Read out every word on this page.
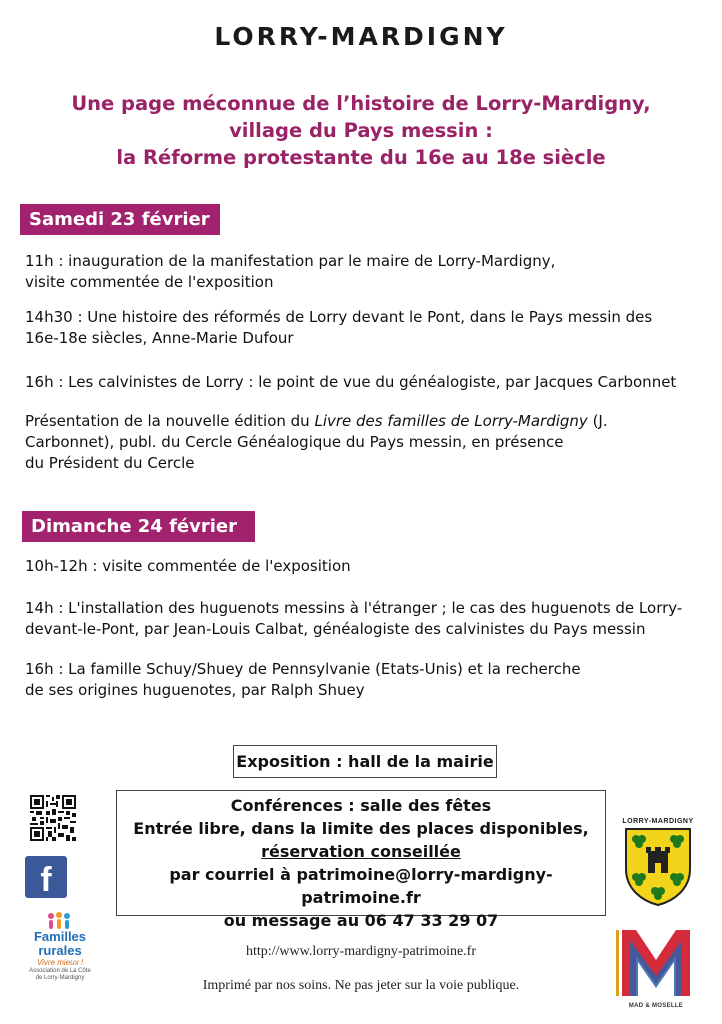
LORRY-MARDIGNY
Une page méconnue de l’histoire de Lorry-Mardigny,
village du Pays messin :
la Réforme protestante du 16e au 18e siècle
Samedi 23 février
11h : inauguration de la manifestation par le maire de Lorry-Mardigny,
visite commentée de l'exposition
14h30 : Une histoire des réformés de Lorry devant le Pont, dans le Pays messin des
16e-18e siècles, Anne-Marie Dufour
16h : Les calvinistes de Lorry : le point de vue du généalogiste, par Jacques Carbonnet
Présentation de la nouvelle édition du Livre des familles de Lorry-Mardigny (J.
Carbonnet), publ. du Cercle Généalogique du Pays messin, en présence
du Président du Cercle
Dimanche 24 février
10h-12h : visite commentée de l'exposition
14h : L'installation des huguenots messins à l'étranger ; le cas des huguenots de Lorry-
devant-le-Pont, par Jean-Louis Calbat, généalogiste des calvinistes du Pays messin
16h : La famille Schuy/Shuey de Pennsylvanie (Etats-Unis) et la recherche
de ses origines huguenotes, par Ralph Shuey
Exposition : hall de la mairie
Conférences : salle des fêtes
Entrée libre, dans la limite des places disponibles,
réservation conseillée
par courriel à patrimoine@lorry-mardigny-patrimoine.fr
ou message au 06 47 33 29 07
f
Familles
rurales
Vivre mieux !
Association de La Côte
de Lorry-Mardigny
LORRY-MARDIGNY
MAD & MOSELLE
http://www.lorry-mardigny-patrimoine.fr
Imprimé par nos soins. Ne pas jeter sur la voie publique.
